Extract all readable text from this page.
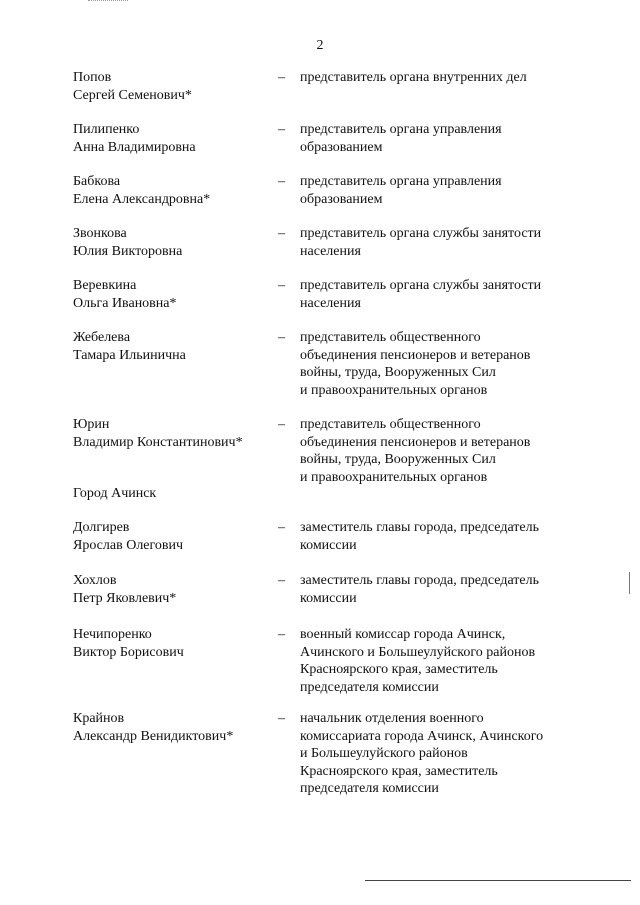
2
Попов
Сергей Семенович*
– представитель органа внутренних дел
Пилипенко
Анна Владимировна
– представитель органа управления
образованием
Бабкова
Елена Александровна*
– представитель органа управления
образованием
Звонкова
Юлия Викторовна
– представитель органа службы занятости
населения
Веревкина
Ольга Ивановна*
– представитель органа службы занятости
населения
Жебелева
Тамара Ильинична
– представитель общественного
объединения пенсионеров и ветеранов
войны, труда, Вооруженных Сил
и правоохранительных органов
Юрин
Владимир Константинович*
– представитель общественного
объединения пенсионеров и ветеранов
войны, труда, Вооруженных Сил
и правоохранительных органов
Город Ачинск
Долгирев
Ярослав Олегович
– заместитель главы города, председатель
комиссии
Хохлов
Петр Яковлевич*
– заместитель главы города, председатель
комиссии
Нечипоренко
Виктор Борисович
– военный комиссар города Ачинск,
Ачинского и Большеулуйского районов
Красноярского края, заместитель
председателя комиссии
Крайнов
Александр Венидиктович*
– начальник отделения военного
комиссариата города Ачинск, Ачинского
и Большеулуйского районов
Красноярского края, заместитель
председателя комиссии
